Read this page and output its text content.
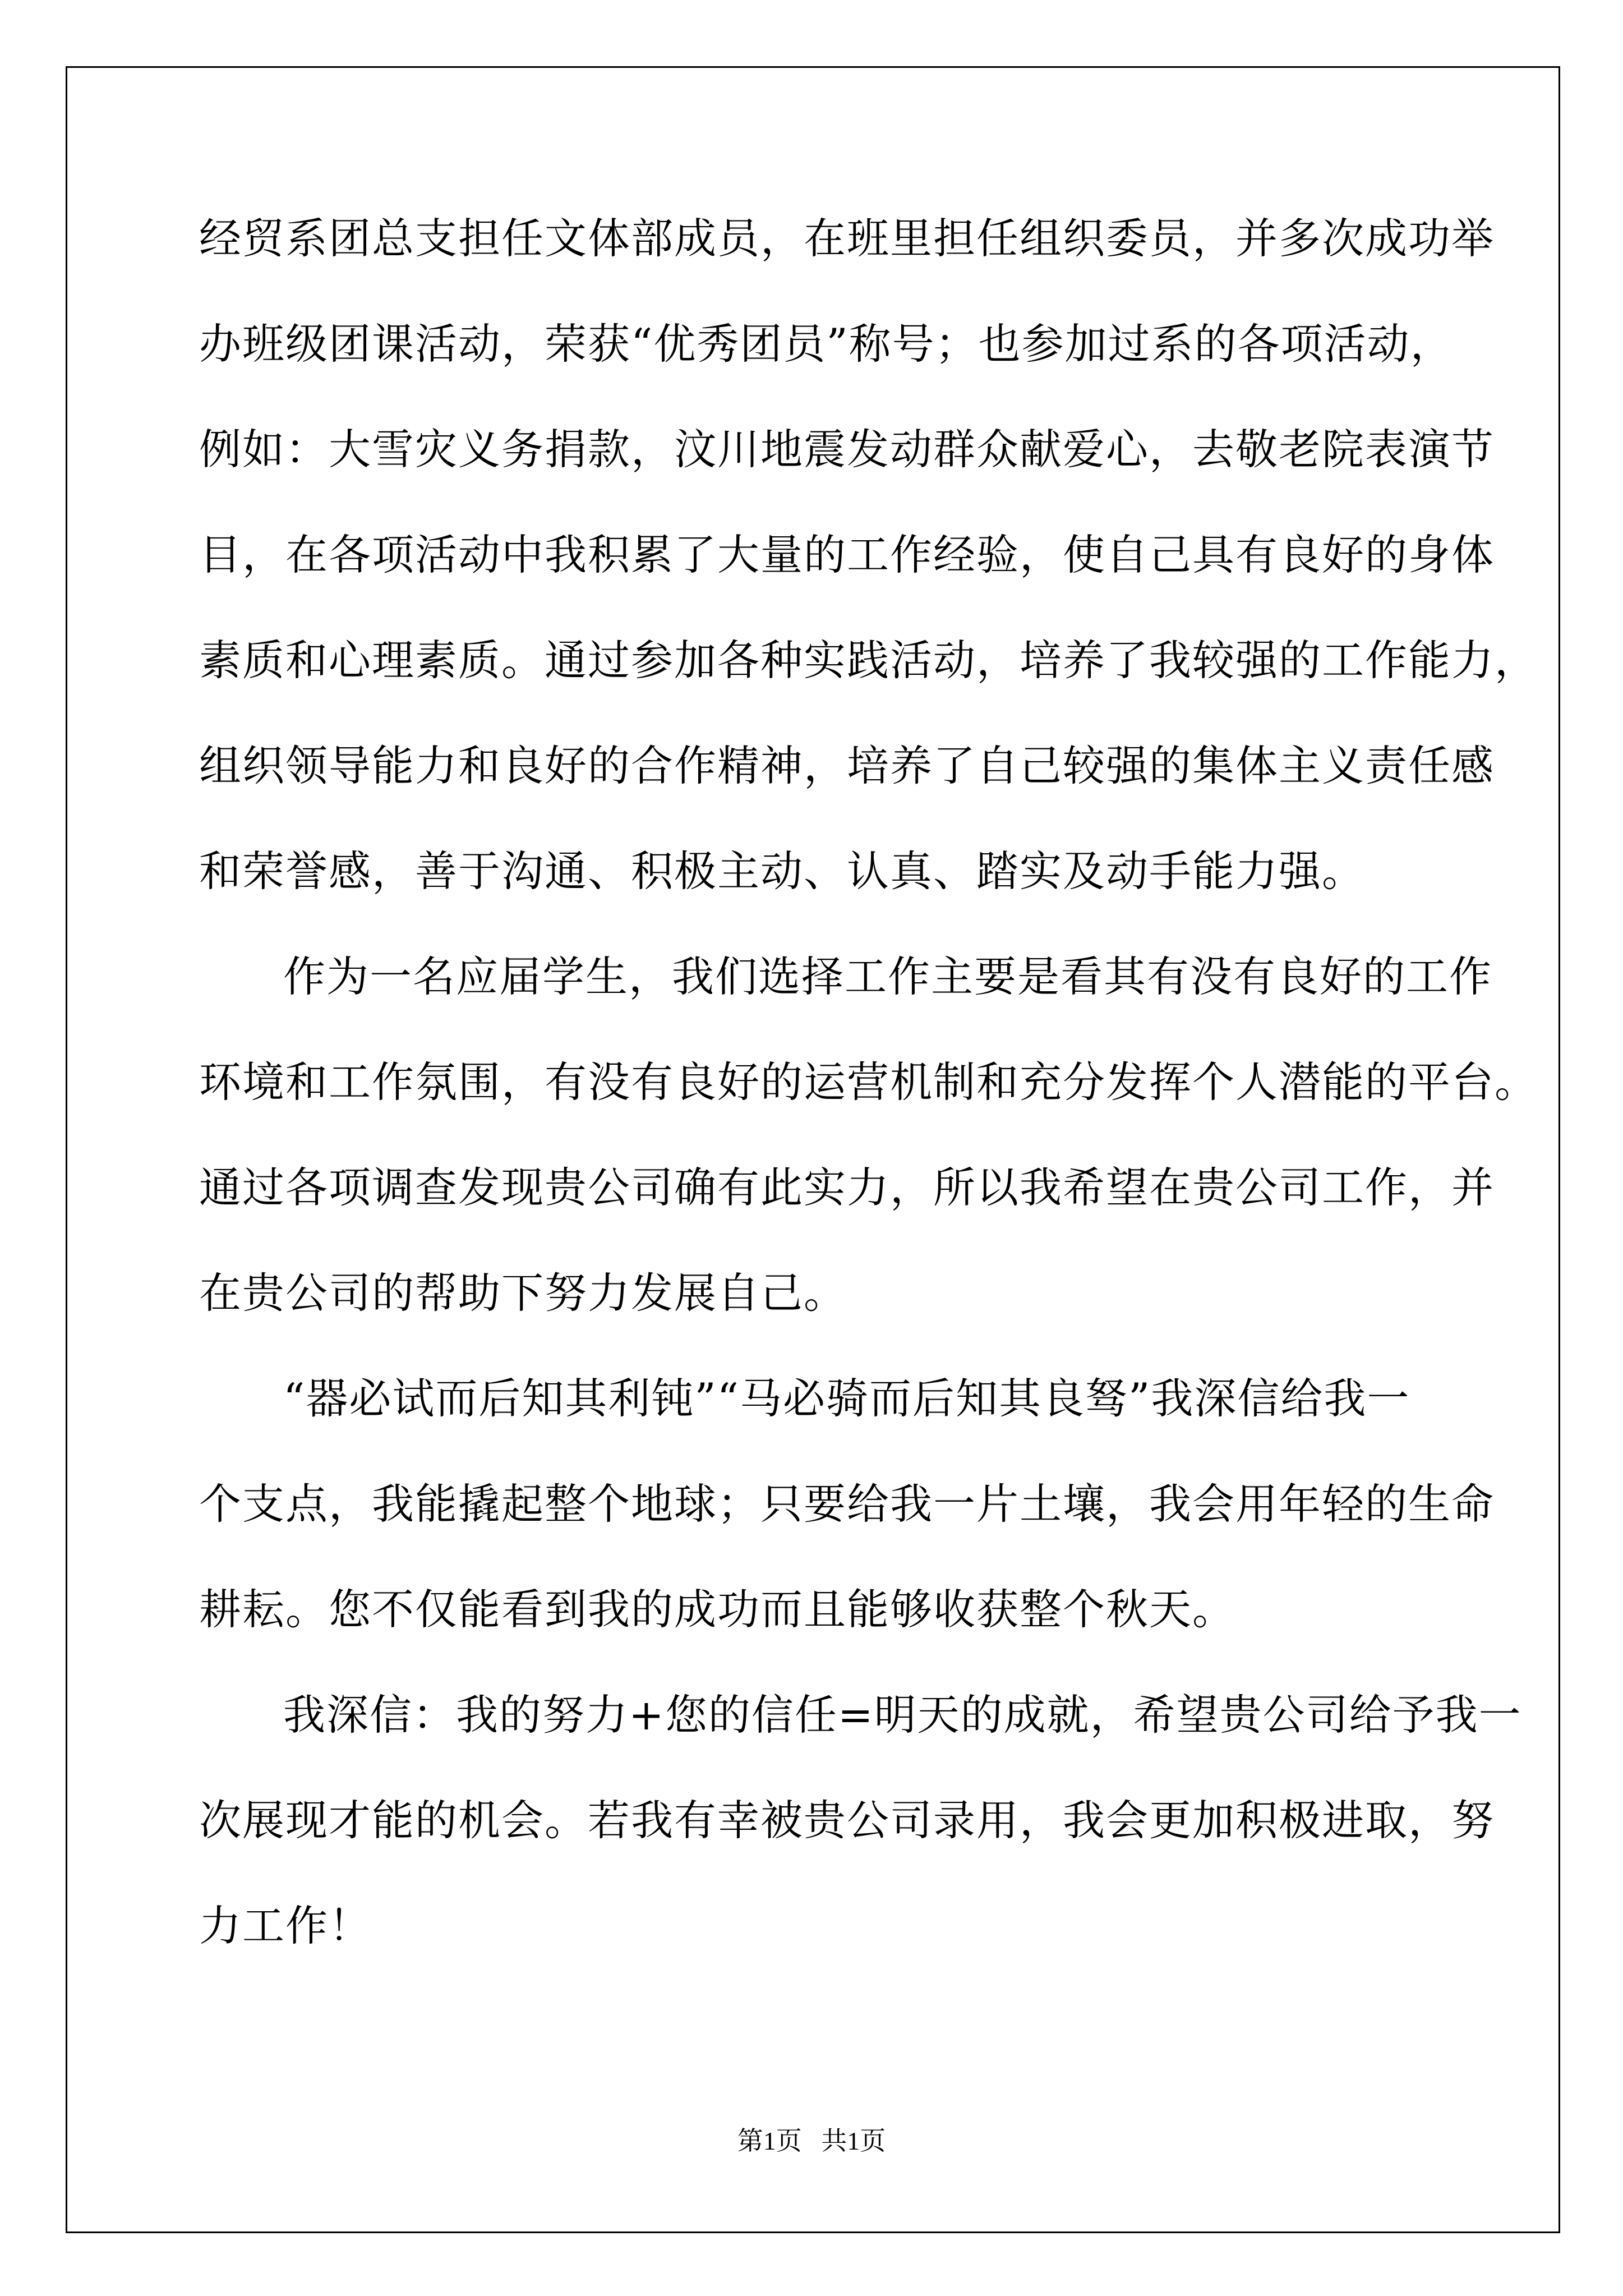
经贸系团总支担任文体部成员，在班里担任组织委员，并多次成功举
办班级团课活动，荣获“优秀团员”称号；也参加过系的各项活动，
例如：大雪灾义务捐款，汶川地震发动群众献爱心，去敬老院表演节
目，在各项活动中我积累了大量的工作经验，使自己具有良好的身体
素质和心理素质。通过参加各种实践活动，培养了我较强的工作能力，
组织领导能力和良好的合作精神，培养了自己较强的集体主义责任感
和荣誉感，善于沟通、积极主动、认真、踏实及动手能力强。
作为一名应届学生，我们选择工作主要是看其有没有良好的工作
环境和工作氛围，有没有良好的运营机制和充分发挥个人潜能的平台。
通过各项调查发现贵公司确有此实力，所以我希望在贵公司工作，并
在贵公司的帮助下努力发展自己。
“器必试而后知其利钝”“马必骑而后知其良驽”我深信给我一
个支点，我能撬起整个地球；只要给我一片土壤，我会用年轻的生命
耕耘。您不仅能看到我的成功而且能够收获整个秋天。
我深信：我的努力+您的信任=明天的成就，希望贵公司给予我一
次展现才能的机会。若我有幸被贵公司录用，我会更加积极进取，努
力工作！
第1页   共1页
